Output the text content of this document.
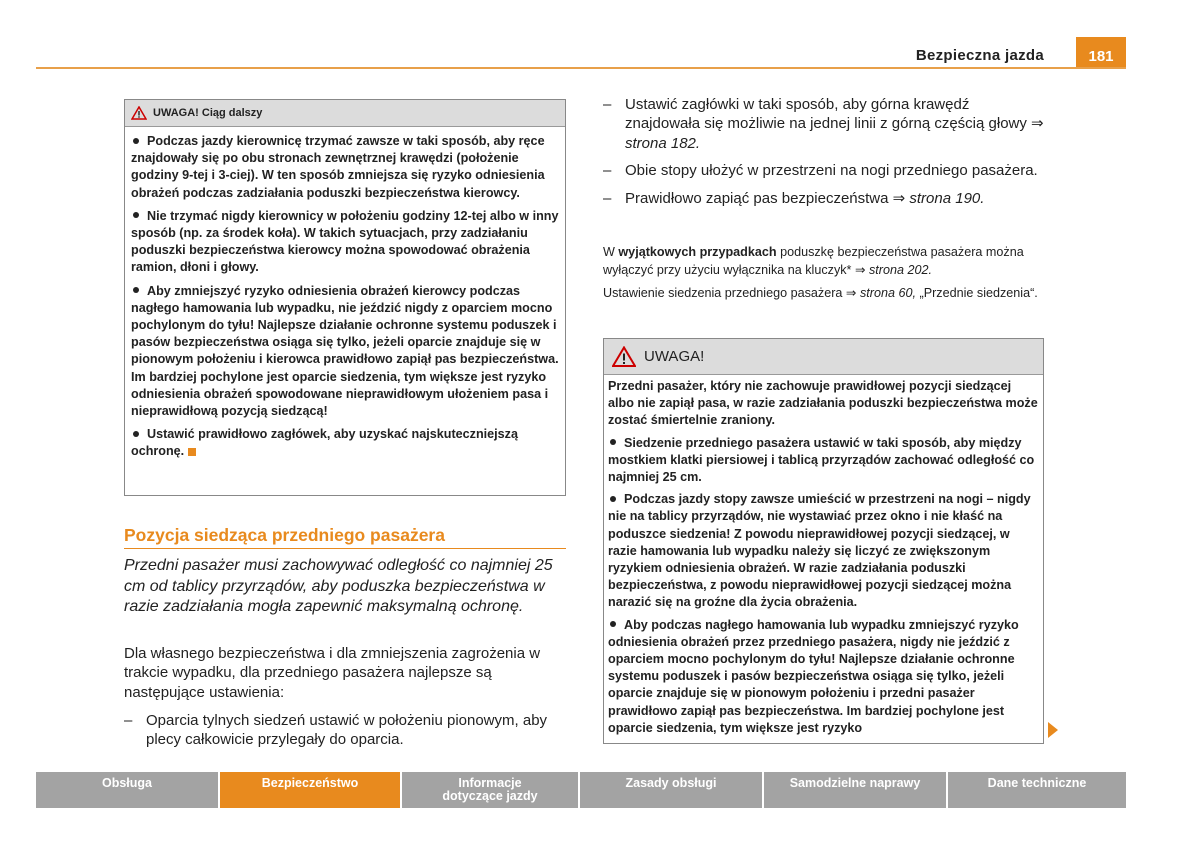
Bezpieczna jazda	181
UWAGA! Ciąg dalszy

Podczas jazdy kierownicę trzymać zawsze w taki sposób, aby ręce znajdowały się po obu stronach zewnętrznej krawędzi (położenie godziny 9-tej i 3-ciej). W ten sposób zmniejsza się ryzyko odniesienia obrażeń podczas zadziałania poduszki bezpieczeństwa kierowcy.

Nie trzymać nigdy kierownicy w położeniu godziny 12-tej albo w inny sposób (np. za środek koła). W takich sytuacjach, przy zadziałaniu poduszki bezpieczeństwa kierowcy można spowodować obrażenia ramion, dłoni i głowy.

Aby zmniejszyć ryzyko odniesienia obrażeń kierowcy podczas nagłego hamowania lub wypadku, nie jeździć nigdy z oparciem mocno pochylonym do tyłu! Najlepsze działanie ochronne systemu poduszek i pasów bezpieczeństwa osiąga się tylko, jeżeli oparcie znajduje się w pionowym położeniu i kierowca prawidłowo zapiął pas bezpieczeństwa. Im bardziej pochylone jest oparcie siedzenia, tym większe jest ryzyko odniesienia obrażeń spowodowane nieprawidłowym ułożeniem pasa i nieprawidłową pozycją siedzącą!

Ustawić prawidłowo zagłówek, aby uzyskać najskuteczniejszą ochronę.

Pozycja siedząca przedniego pasażera

Przedni pasażer musi zachowywać odległość co najmniej 25 cm od tablicy przyrządów, aby poduszka bezpieczeństwa w razie zadziałania mogła zapewnić maksymalną ochronę.

Dla własnego bezpieczeństwa i dla zmniejszenia zagrożenia w trakcie wypadku, dla przedniego pasażera najlepsze są następujące ustawienia:

– Oparcia tylnych siedzeń ustawić w położeniu pionowym, aby plecy całkowicie przylegały do oparcia.
– Ustawić zagłówki w taki sposób, aby górna krawędź znajdowała się możliwie na jednej linii z górną częścią głowy ⇒ strona 182.
– Obie stopy ułożyć w przestrzeni na nogi przedniego pasażera.
– Prawidłowo zapiąć pas bezpieczeństwa ⇒ strona 190.

W wyjątkowych przypadkach poduszkę bezpieczeństwa pasażera można wyłączyć przy użyciu wyłącznika na kluczyk* ⇒ strona 202.

Ustawienie siedzenia przedniego pasażera ⇒ strona 60, „Przednie siedzenia“.

UWAGA!

Przedni pasażer, który nie zachowuje prawidłowej pozycji siedzącej albo nie zapiął pasa, w razie zadziałania poduszki bezpieczeństwa może zostać śmiertelnie zraniony.

Siedzenie przedniego pasażera ustawić w taki sposób, aby między mostkiem klatki piersiowej i tablicą przyrządów zachować odległość co najmniej 25 cm.

Podczas jazdy stopy zawsze umieścić w przestrzeni na nogi – nigdy nie na tablicy przyrządów, nie wystawiać przez okno i nie kłaść na poduszce siedzenia! Z powodu nieprawidłowej pozycji siedzącej, w razie hamowania lub wypadku należy się liczyć ze zwiększonym ryzykiem odniesienia obrażeń. W razie zadziałania poduszki bezpieczeństwa, z powodu nieprawidłowej pozycji siedzącej można narazić się na groźne dla życia obrażenia.

Aby podczas nagłego hamowania lub wypadku zmniejszyć ryzyko odniesienia obrażeń przez przedniego pasażera, nigdy nie jeździć z oparciem mocno pochylonym do tyłu! Najlepsze działanie ochronne systemu poduszek i pasów bezpieczeństwa osiąga się tylko, jeżeli oparcie znajduje się w pionowym położeniu i przedni pasażer prawidłowo zapiął pas bezpieczeństwa. Im bardziej pochylone jest oparcie siedzenia, tym większe jest ryzyko

Obsługa	Bezpieczeństwo	Informacje dotyczące jazdy
Zasady obsługi	Samodzielne naprawy	Dane techniczne
